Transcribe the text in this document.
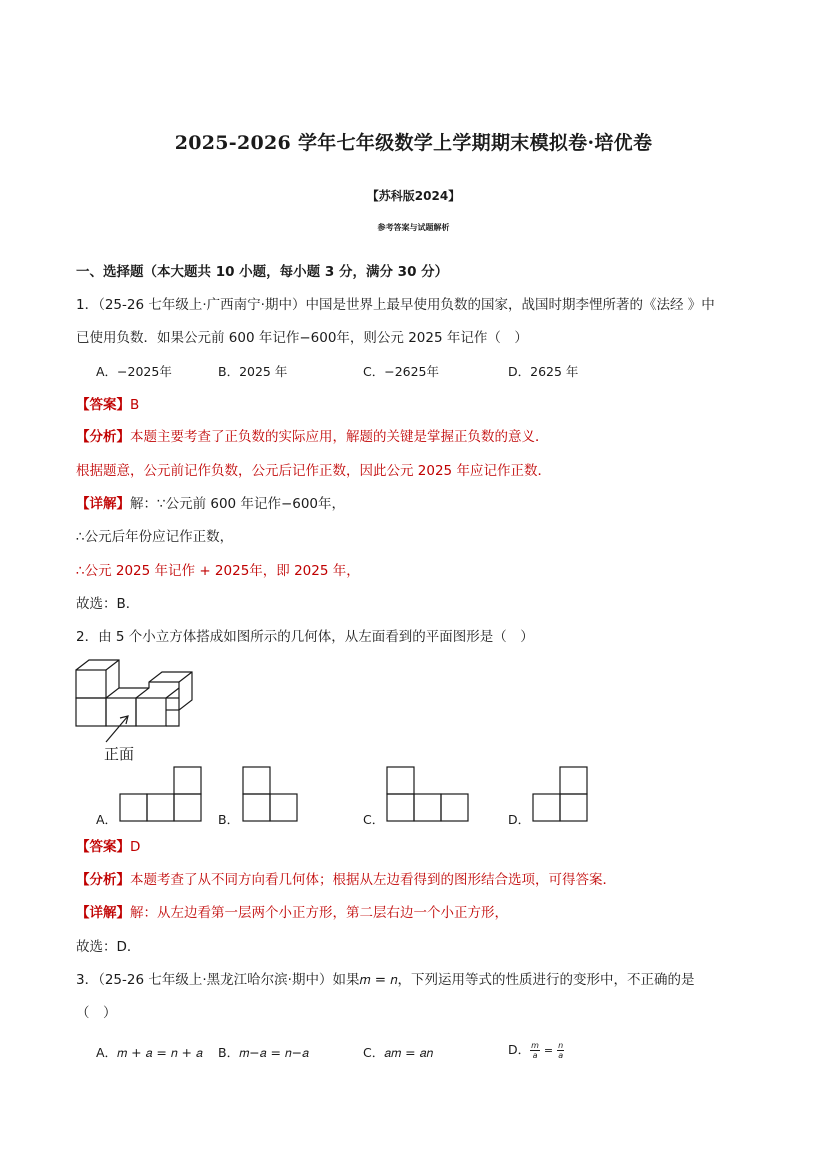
2025-2026 学年七年级数学上学期期末模拟卷·培优卷
【苏科版2024】
参考答案与试题解析
一、选择题（本大题共 10 小题，每小题 3 分，满分 30 分）
1．（25-26 七年级上·广西南宁·期中）中国是世界上最早使用负数的国家，战国时期李悝所著的《法经 》中
已使用负数．如果公元前 600 年记作−600年，则公元 2025 年记作（　）
A．−2025年	B．2025 年	C．−2625年	D．2625 年
【答案】B
【分析】本题主要考查了正负数的实际应用，解题的关键是掌握正负数的意义．
根据题意，公元前记作负数，公元后记作正数，因此公元 2025 年应记作正数．
【详解】解：∵公元前 600 年记作−600年，
∴公元后年份应记作正数，
∴公元 2025 年记作 + 2025年，即 2025 年，
故选：B．
2．由 5 个小立方体搭成如图所示的几何体，从左面看到的平面图形是（　）
正面
A．	B．	C．	D．
【答案】D
【分析】本题考查了从不同方向看几何体；根据从左边看得到的图形结合选项，可得答案．
【详解】解：从左边看第一层两个小正方形，第二层右边一个小正方形，
故选：D．
3．（25-26 七年级上·黑龙江哈尔滨·期中）如果𝑚 = 𝑛，下列运用等式的性质进行的变形中，不正确的是
（　）
A．𝑚 + 𝑎 = 𝑛 + 𝑎 B．𝑚−𝑎 = 𝑛−𝑎	C．𝑎𝑚 = 𝑎𝑛	D． $\frac{m}{a} = \frac{n}{a}$
